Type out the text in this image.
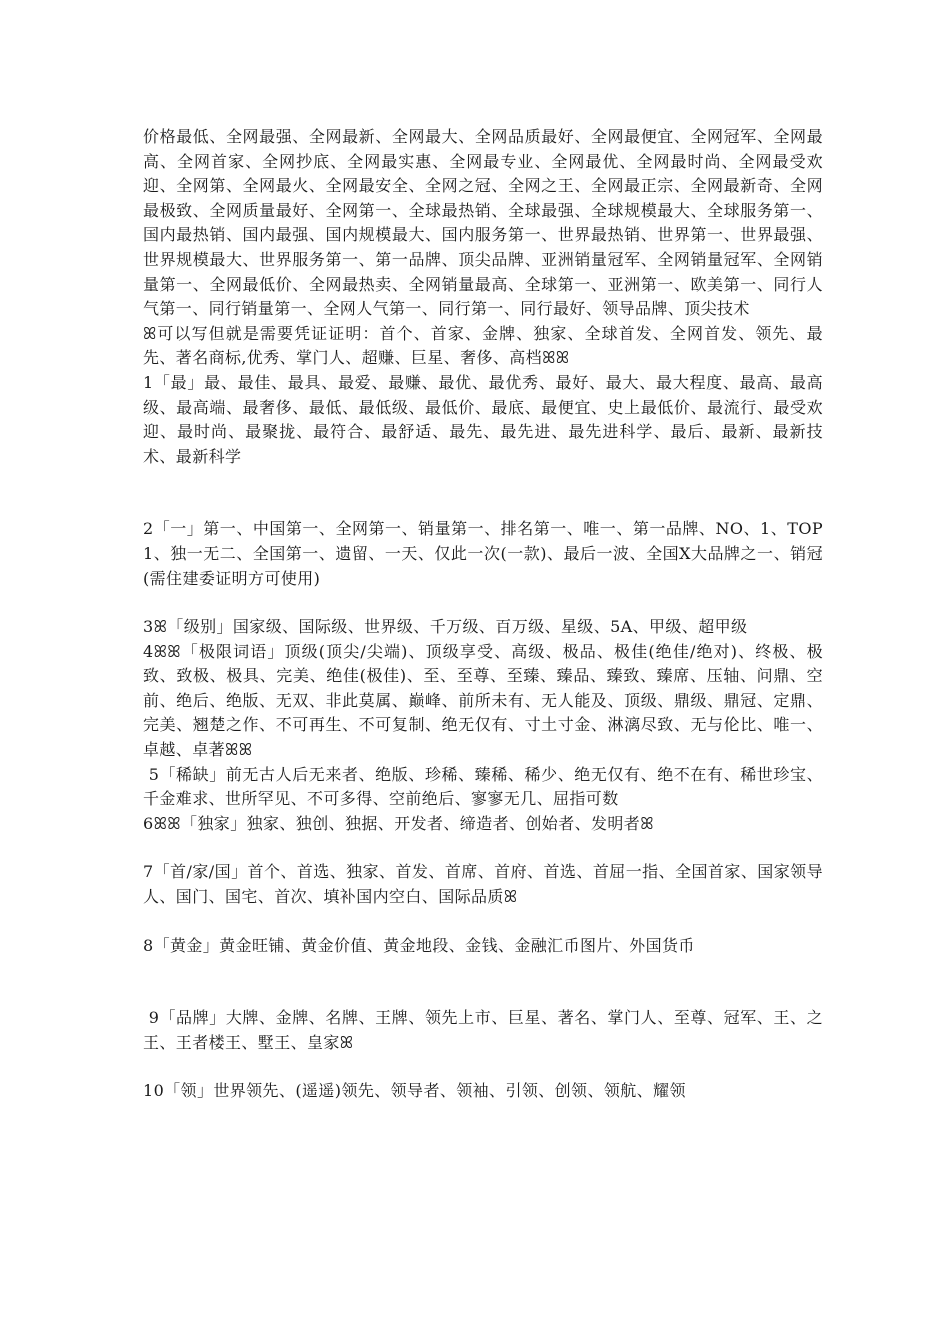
价格最低、全网最强、全网最新、全网最大、全网品质最好、全网最便宜、全网冠军、全网最高、全网首家、全网抄底、全网最实惠、全网最专业、全网最优、全网最时尚、全网最受欢迎、全网第、全网最火、全网最安全、全网之冠、全网之王、全网最正宗、全网最新奇、全网最极致、全网质量最好、全网第一、全球最热销、全球最强、全球规模最大、全球服务第一、国内最热销、国内最强、国内规模最大、国内服务第一、世界最热销、世界第一、世界最强、世界规模最大、世界服务第一、第一品牌、顶尖品牌、亚洲销量冠军、全网销量冠军、全网销量第一、全网最低价、全网最热卖、全网销量最高、全球第一、亚洲第一、欧美第一、同行人气第一、同行销量第一、全网人气第一、同行第一、同行最好、领导品牌、顶尖技术

ꕤ可以写但就是需要凭证证明：首个、首家、金牌、独家、全球首发、全网首发、领先、最先、著名商标,优秀、掌门人、超赚、巨星、奢侈、高档ꕤꕤ

1「最」最、最佳、最具、最爱、最赚、最优、最优秀、最好、最大、最大程度、最高、最高级、最高端、最奢侈、最低、最低级、最低价、最底、最便宜、史上最低价、最流行、最受欢迎、最时尚、最聚拢、最符合、最舒适、最先、最先进、最先进科学、最后、最新、最新技术、最新科学

2「一」第一、中国第一、全网第一、销量第一、排名第一、唯一、第一品牌、NO、1、TOP1、独一无二、全国第一、遗留、一天、仅此一次(一款)、最后一波、全国X大品牌之一、销冠(需住建委证明方可使用)

3ꕤ「级别」国家级、国际级、世界级、千万级、百万级、星级、5A、甲级、超甲级

4ꕤꕤ「极限词语」顶级(顶尖/尖端)、顶级享受、高级、极品、极佳(绝佳/绝对)、终极、极致、致极、极具、完美、绝佳(极佳)、至、至尊、至臻、臻品、臻致、臻席、压轴、问鼎、空前、绝后、绝版、无双、非此莫属、巅峰、前所未有、无人能及、顶级、鼎级、鼎冠、定鼎、完美、翘楚之作、不可再生、不可复制、绝无仅有、寸土寸金、淋漓尽致、无与伦比、唯一、卓越、卓著ꕤꕤ

5「稀缺」前无古人后无来者、绝版、珍稀、臻稀、稀少、绝无仅有、绝不在有、稀世珍宝、千金难求、世所罕见、不可多得、空前绝后、寥寥无几、屈指可数

6ꕤꕤ「独家」独家、独创、独据、开发者、缔造者、创始者、发明者ꕤ

7「首/家/国」首个、首选、独家、首发、首席、首府、首选、首屈一指、全国首家、国家领导人、国门、国宅、首次、填补国内空白、国际品质ꕤ

8「黄金」黄金旺铺、黄金价值、黄金地段、金钱、金融汇币图片、外国货币

9「品牌」大牌、金牌、名牌、王牌、领先上市、巨星、著名、掌门人、至尊、冠军、王、之王、王者楼王、墅王、皇家ꕤ

10「领」世界领先、(遥遥)领先、领导者、领袖、引领、创领、领航、耀领
